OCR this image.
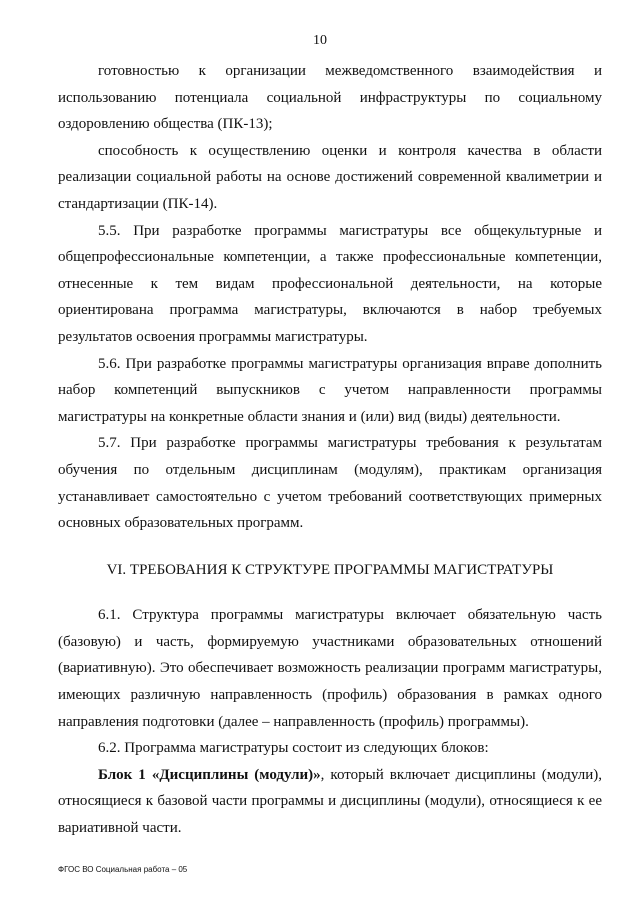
10

готовностью к организации межведомственного взаимодействия и использованию потенциала социальной инфраструктуры по социальному оздоровлению общества (ПК-13);

способность к осуществлению оценки и контроля качества в области реализации социальной работы на основе достижений современной квалиметрии и стандартизации (ПК-14).

5.5. При разработке программы магистратуры все общекультурные и общепрофессиональные компетенции, а также профессиональные компетенции, отнесенные к тем видам профессиональной деятельности, на которые ориентирована программа магистратуры, включаются в набор требуемых результатов освоения программы магистратуры.

5.6. При разработке программы магистратуры организация вправе дополнить набор компетенций выпускников с учетом направленности программы магистратуры на конкретные области знания и (или) вид (виды) деятельности.

5.7. При разработке программы магистратуры требования к результатам обучения по отдельным дисциплинам (модулям), практикам организация устанавливает самостоятельно с учетом требований соответствующих примерных основных образовательных программ.

VI. ТРЕБОВАНИЯ К СТРУКТУРЕ ПРОГРАММЫ МАГИСТРАТУРЫ

6.1. Структура программы магистратуры включает обязательную часть (базовую) и часть, формируемую участниками образовательных отношений (вариативную). Это обеспечивает возможность реализации программ магистратуры, имеющих различную направленность (профиль) образования в рамках одного направления подготовки (далее – направленность (профиль) программы).

6.2. Программа магистратуры состоит из следующих блоков:

Блок 1 «Дисциплины (модули)», который включает дисциплины (модули), относящиеся к базовой части программы и дисциплины (модули), относящиеся к ее вариативной части.

ФГОС ВО Социальная работа – 05
